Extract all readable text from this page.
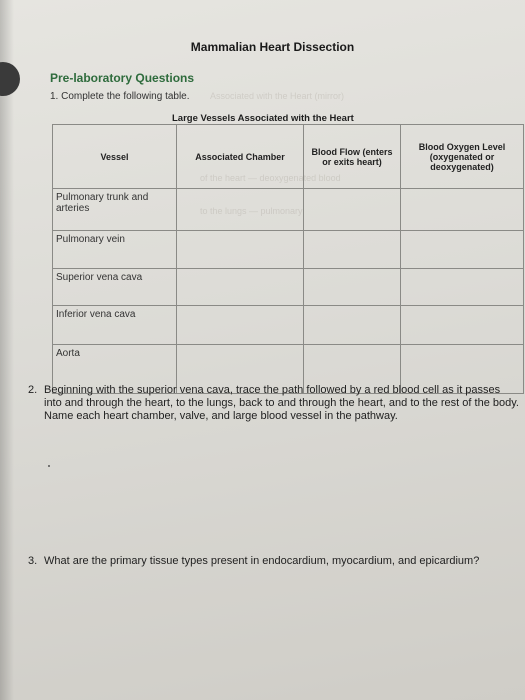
Associated with the Heart (mirror)
of the heart — deoxygenated blood
to the lungs — pulmonary
Mammalian Heart Dissection
Pre-laboratory Questions
1. Complete the following table.
Large Vessels Associated with the Heart
Vessel	Associated Chamber	Blood Flow (enters or exits heart)	Blood Oxygen Level (oxygenated or deoxygenated)
Pulmonary trunk and arteries			
Pulmonary vein			
Superior vena cava			
Inferior vena cava			
Aorta			
2. Beginning with the superior vena cava, trace the path followed by a red blood cell as it passes into and through the heart, to the lungs, back to and through the heart, and to the rest of the body. Name each heart chamber, valve, and large blood vessel in the pathway.
3. What are the primary tissue types present in endocardium, myocardium, and epicardium?
